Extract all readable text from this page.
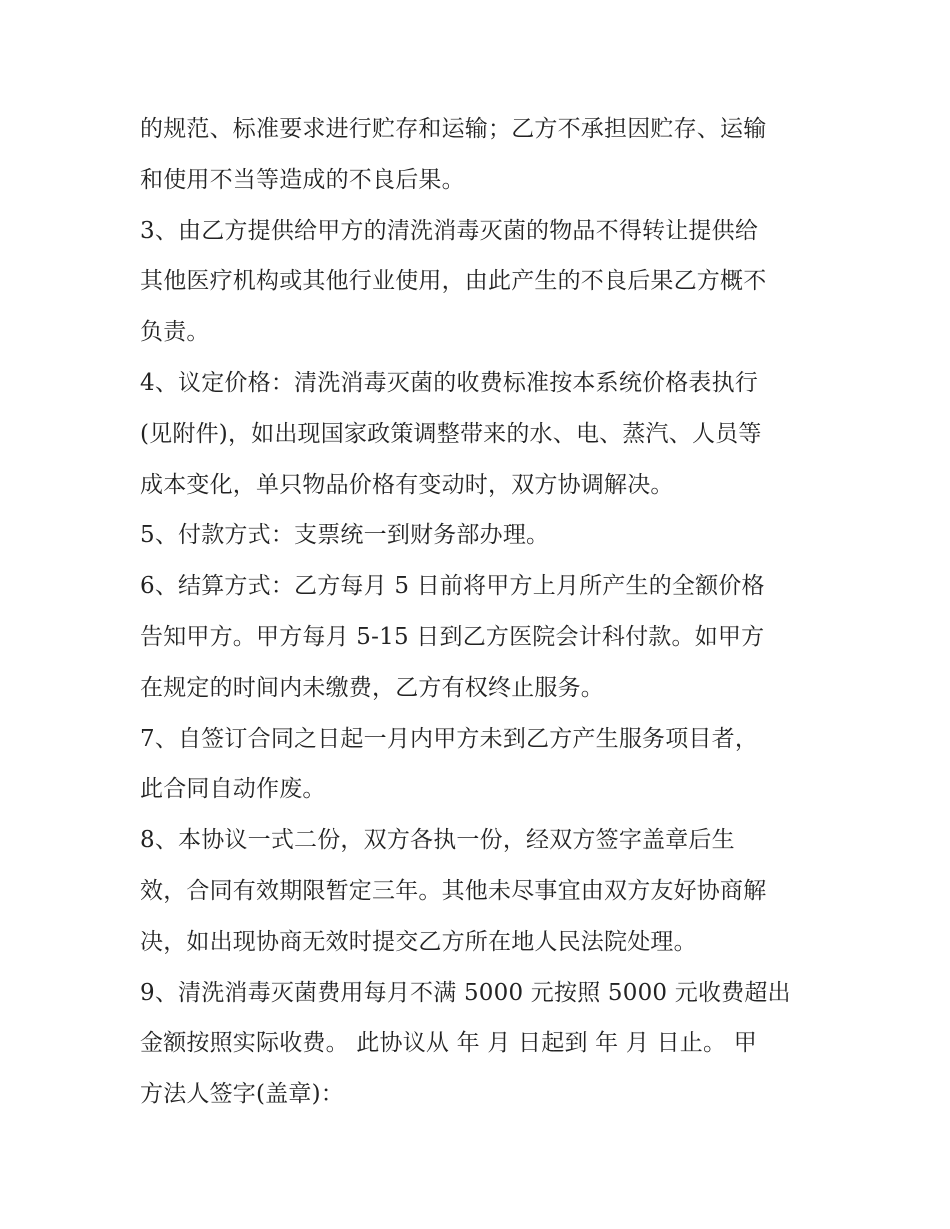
的规范、标准要求进行贮存和运输；乙方不承担因贮存、运输
和使用不当等造成的不良后果。
3、由乙方提供给甲方的清洗消毒灭菌的物品不得转让提供给
其他医疗机构或其他行业使用，由此产生的不良后果乙方概不
负责。
4、议定价格：清洗消毒灭菌的收费标准按本系统价格表执行
(见附件)，如出现国家政策调整带来的水、电、蒸汽、人员等
成本变化，单只物品价格有变动时，双方协调解决。
5、付款方式：支票统一到财务部办理。
6、结算方式：乙方每月 5 日前将甲方上月所产生的全额价格
告知甲方。甲方每月 5-15 日到乙方医院会计科付款。如甲方
在规定的时间内未缴费，乙方有权终止服务。
7、自签订合同之日起一月内甲方未到乙方产生服务项目者，
此合同自动作废。
8、本协议一式二份，双方各执一份，经双方签字盖章后生
效，合同有效期限暂定三年。其他未尽事宜由双方友好协商解
决，如出现协商无效时提交乙方所在地人民法院处理。
9、清洗消毒灭菌费用每月不满 5000 元按照 5000 元收费超出
金额按照实际收费。 此协议从 年 月 日起到 年 月 日止。 甲
方法人签字(盖章)：
